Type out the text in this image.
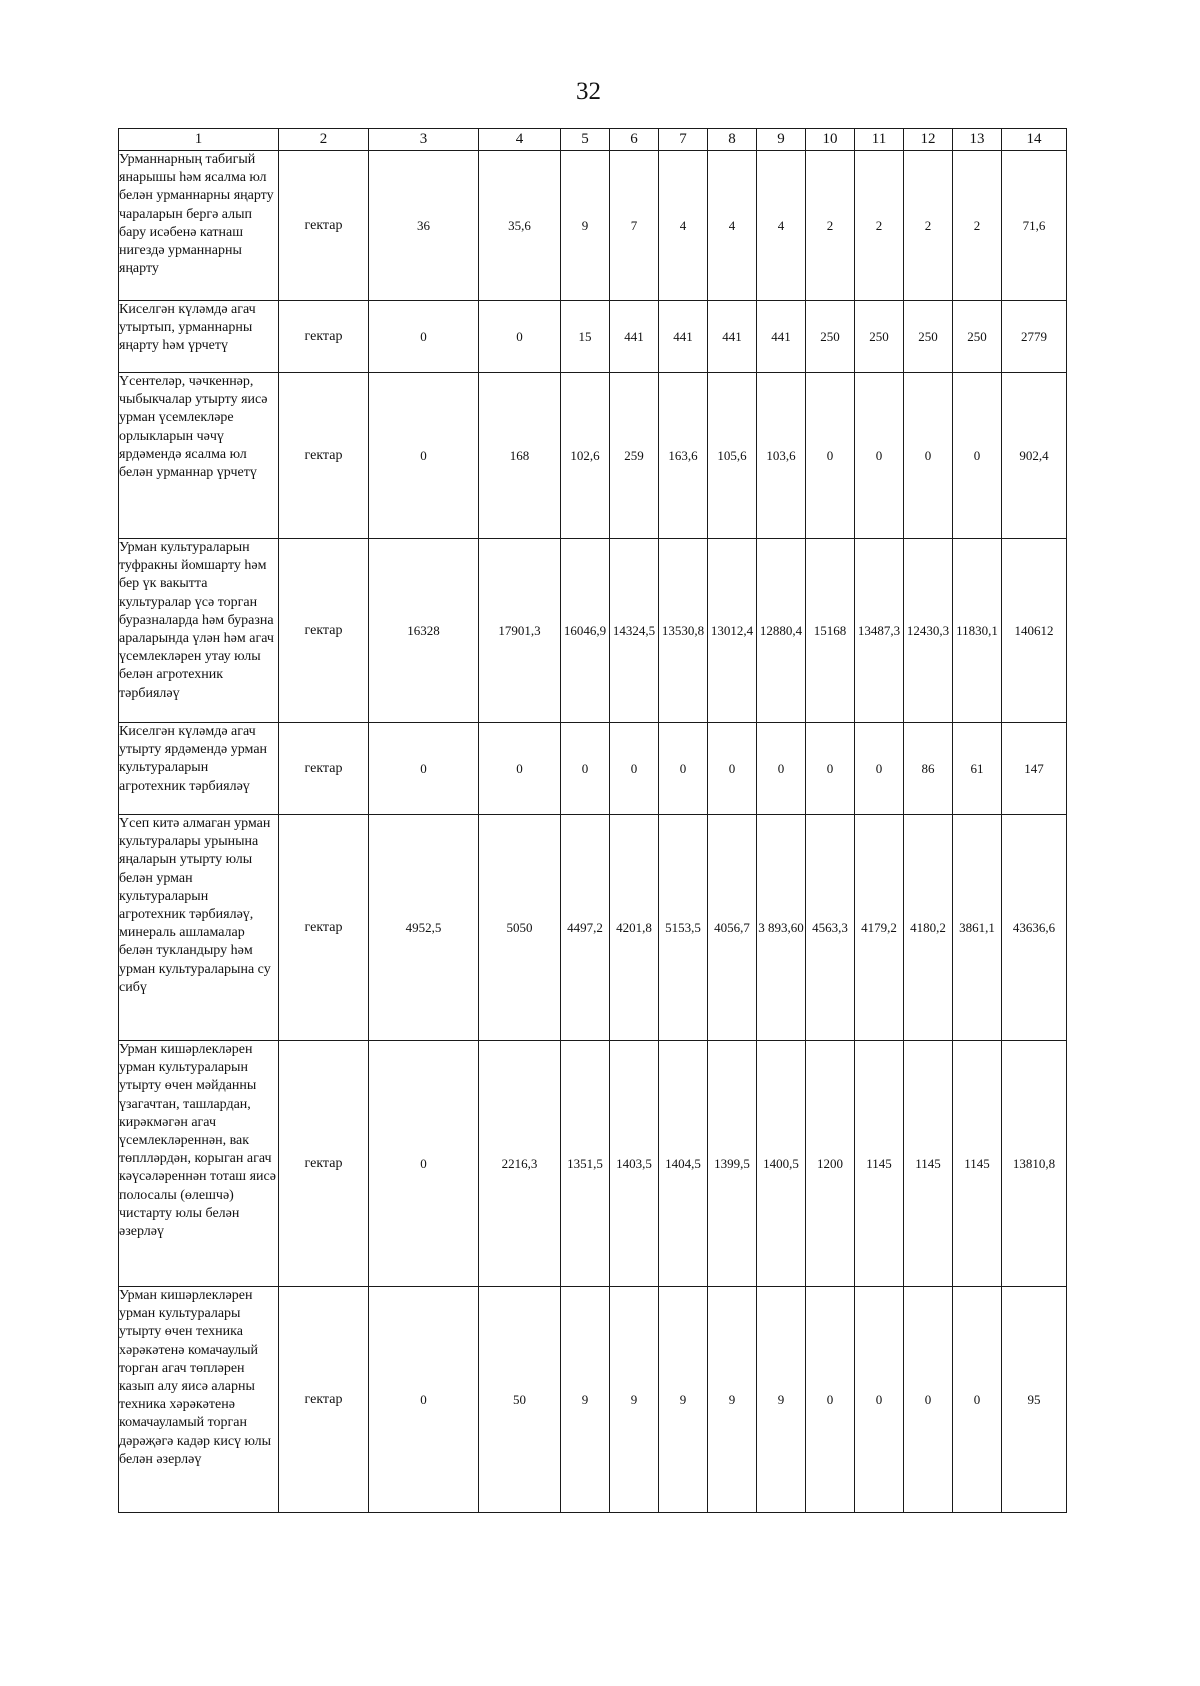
32
1	2	3	4	5	6	7	8	9	10	11	12	13	14
Урманнарның табигый янарышы һәм ясалма юл белән урманнарны яңарту чараларын бергә алып бару исәбенә катнаш нигездә урманнарны яңарту	гектар	36	35,6	9	7	4	4	4	2	2	2	2	71,6
Киселгән күләмдә агач утыртып, урманнарны яңарту һәм үрчетү	гектар	0	0	15	441	441	441	441	250	250	250	250	2779
Үсентеләр, чәчкеннәр, чыбыкчалар утырту яисә урман үсемлекләре орлыкларын чәчү ярдәмендә ясалма юл белән урманнар үрчетү	гектар	0	168	102,6	259	163,6	105,6	103,6	0	0	0	0	902,4
Урман культураларын туфракны йомшарту һәм бер үк вакытта культуралар үсә торган буразналарда һәм буразна араларында үлән һәм агач үсемлекләрен утау юлы белән агротехник тәрбияләү	гектар	16328	17901,3	16046,9	14324,5	13530,8	13012,4	12880,4	15168	13487,3	12430,3	11830,1	140612
Киселгән күләмдә агач утырту ярдәмендә урман культураларын агротехник тәрбияләү	гектар	0	0	0	0	0	0	0	0	0	86	61	147
Үсеп китә алмаган урман культуралары урынына яңаларын утырту юлы белән урман культураларын агротехник тәрбияләү, минераль ашламалар белән тукландыру һәм урман культураларына су сибү	гектар	4952,5	5050	4497,2	4201,8	5153,5	4056,7	3 893,60	4563,3	4179,2	4180,2	3861,1	43636,6
Урман кишәрлекләрен урман культураларын утырту өчен мәйданны үзагачтан, ташлардан, кирәкмәгән агач үсемлекләреннән, вак төплләрдән, корыган агач кәүсәләреннән тоташ яисә полосалы (өлешчә) чистарту юлы белән әзерләү	гектар	0	2216,3	1351,5	1403,5	1404,5	1399,5	1400,5	1200	1145	1145	1145	13810,8
Урман кишәрлекләрен урман культуралары утырту өчен техника хәрәкәтенә комачаулый торган агач төпләрен казып алу яисә аларны техника хәрәкәтенә комачауламый торган дәрәҗәгә кадәр кисү юлы белән әзерләү	гектар	0	50	9	9	9	9	9	0	0	0	0	95
